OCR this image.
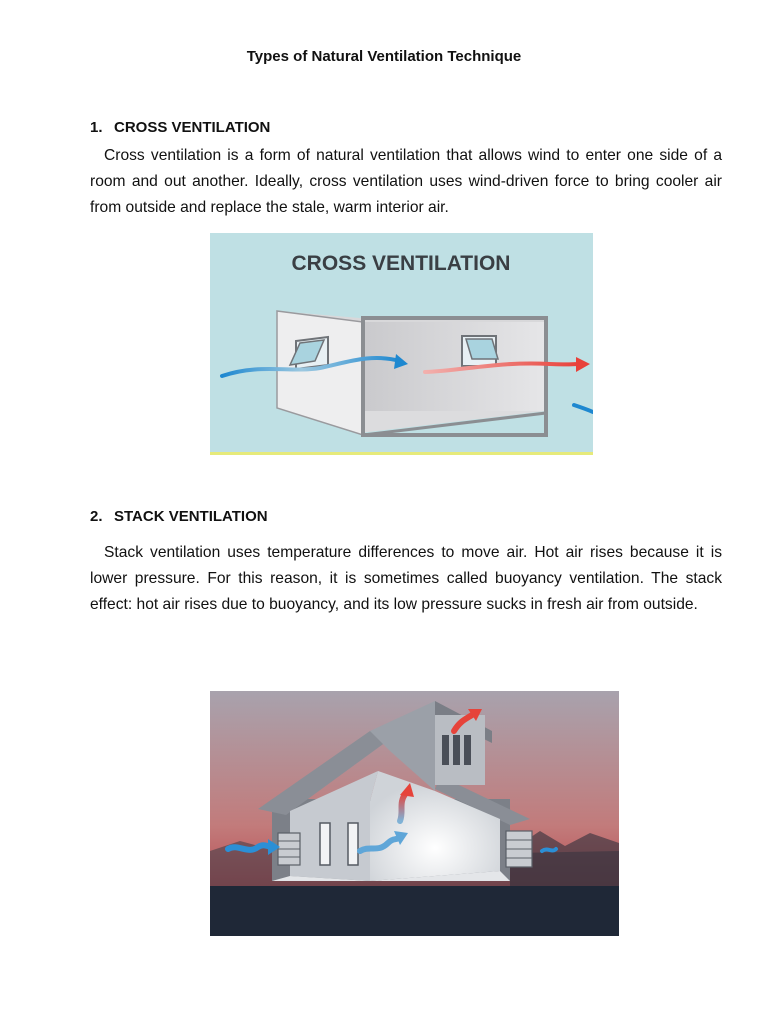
Types of Natural Ventilation Technique
1. CROSS VENTILATION
Cross ventilation is a form of natural ventilation that allows wind to enter one side of a room and out another. Ideally, cross ventilation uses wind-driven force to bring cooler air from outside and replace the stale, warm interior air.
CROSS VENTILATION
2. STACK VENTILATION
Stack ventilation uses temperature differences to move air. Hot air rises because it is lower pressure. For this reason, it is sometimes called buoyancy ventilation. The stack effect: hot air rises due to buoyancy, and its low pressure sucks in fresh air from outside.
